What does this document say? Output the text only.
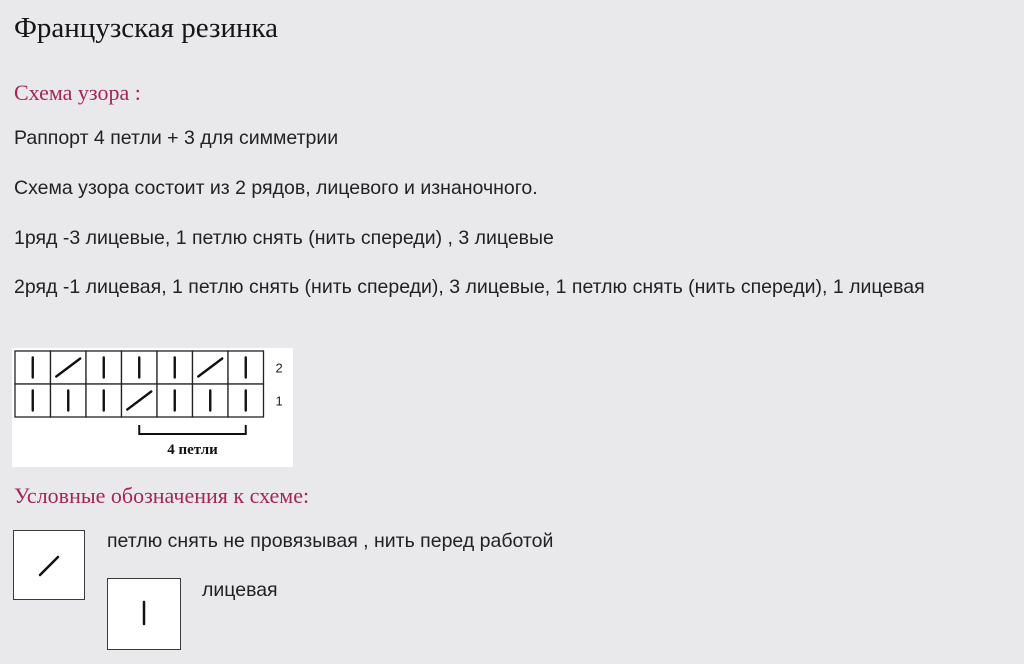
Французская резинка
Схема узора :
Раппорт 4 петли + 3 для симметрии
Схема узора состоит из 2 рядов, лицевого и изнаночного.
1ряд -3 лицевые, 1 петлю снять (нить спереди) , 3 лицевые
2ряд -1 лицевая, 1 петлю снять (нить спереди), 3 лицевые, 1 петлю снять (нить спереди), 1 лицевая
4 петли
2
1
Условные обозначения к схеме:
петлю снять не провязывая , нить перед работой
лицевая
